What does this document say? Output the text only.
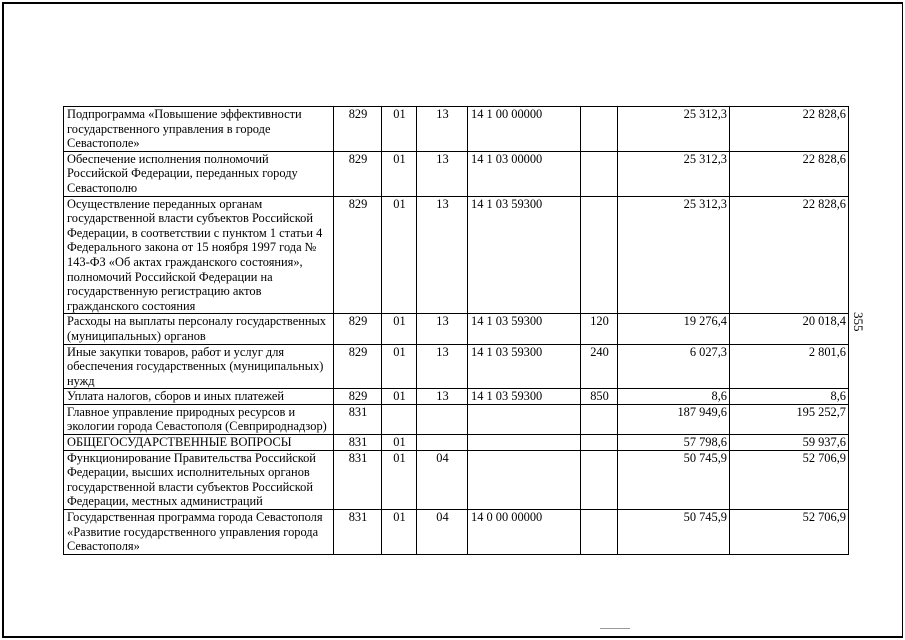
Подпрограмма «Повышение эффективности государственного управления в городе Севастополе»	829	01	13	14 1 00 00000		25 312,3	22 828,6
Обеспечение исполнения полномочий Российской Федерации, переданных городу Севастополю	829	01	13	14 1 03 00000		25 312,3	22 828,6
Осуществление переданных органам государственной власти субъектов Российской Федерации, в соответствии с пунктом 1 статьи 4 Федерального закона от 15 ноября 1997 года № 143-ФЗ «Об актах гражданского состояния», полномочий Российской Федерации на государственную регистрацию актов гражданского состояния	829	01	13	14 1 03 59300		25 312,3	22 828,6
Расходы на выплаты персоналу государственных (муниципальных) органов	829	01	13	14 1 03 59300	120	19 276,4	20 018,4
Иные закупки товаров, работ и услуг для обеспечения государственных (муниципальных) нужд	829	01	13	14 1 03 59300	240	6 027,3	2 801,6
Уплата налогов, сборов и иных платежей	829	01	13	14 1 03 59300	850	8,6	8,6
Главное управление природных ресурсов и экологии города Севастополя (Севприроднадзор)	831					187 949,6	195 252,7
ОБЩЕГОСУДАРСТВЕННЫЕ ВОПРОСЫ	831	01				57 798,6	59 937,6
Функционирование Правительства Российской Федерации, высших исполнительных органов государственной власти субъектов Российской Федерации, местных администраций	831	01	04			50 745,9	52 706,9
Государственная программа города Севастополя «Развитие государственного управления города Севастополя»	831	01	04	14 0 00 00000		50 745,9	52 706,9
355
